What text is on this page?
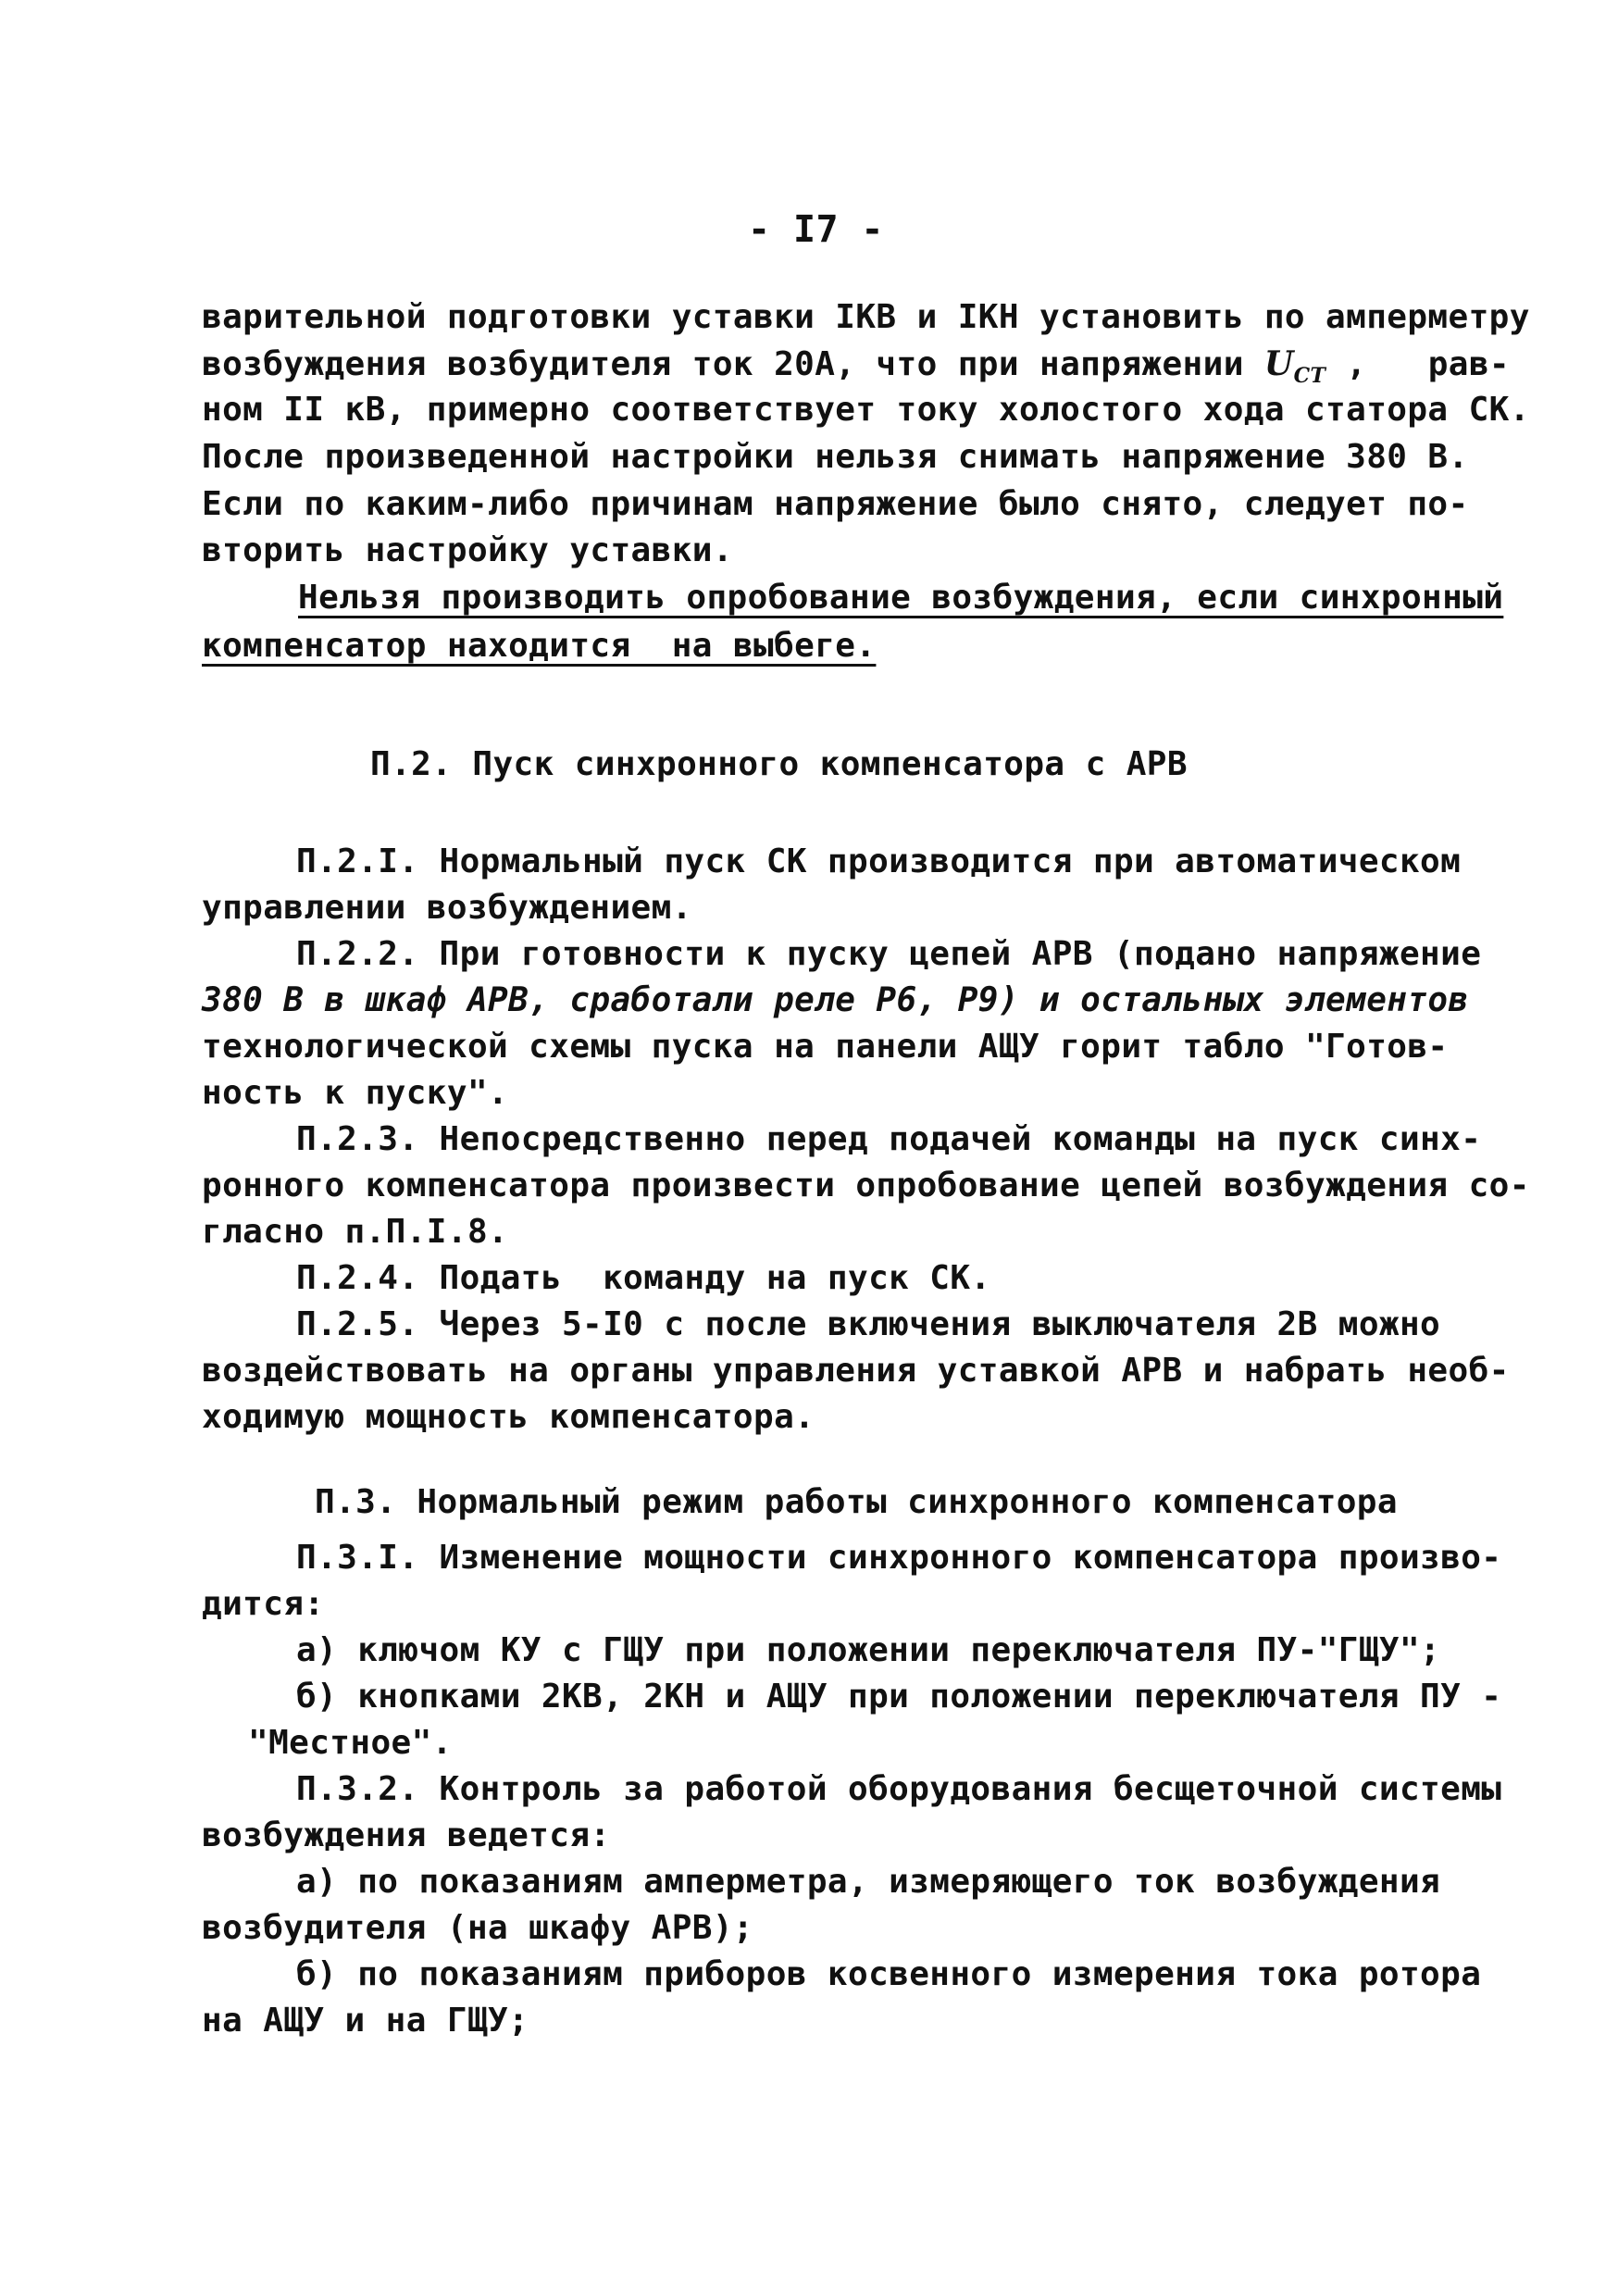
- I7 -
варительной подготовки уставки IКВ и IКН установить по амперметру
возбуждения возбудителя ток 20А, что при напряжении $U_{СТ}$ ,   рав-
ном II кВ, примерно соответствует току холостого хода статора СК.
После произведенной настройки нельзя снимать напряжение 380 В.
Если по каким-либо причинам напряжение было снято, следует по-
вторить настройку уставки.
Нельзя производить опробование возбуждения, если синхронный
компенсатор находится  на выбеге.
П.2. Пуск синхронного компенсатора с АРВ
П.2.I. Нормальный пуск СК производится при автоматическом
управлении возбуждением.
П.2.2. При готовности к пуску цепей АРВ (подано напряжение
380 В в шкаф АРВ, сработали реле Р6, Р9) и остальных элементов
технологической схемы пуска на панели АЩУ горит табло "Готов-
ность к пуску".
П.2.3. Непосредственно перед подачей команды на пуск синх-
ронного компенсатора произвести опробование цепей возбуждения со-
гласно п.П.I.8.
П.2.4. Подать  команду на пуск СК.
П.2.5. Через 5-I0 с после включения выключателя 2В можно
воздействовать на органы управления уставкой АРВ и набрать необ-
ходимую мощность компенсатора.
П.3. Нормальный режим работы синхронного компенсатора
П.3.I. Изменение мощности синхронного компенсатора произво-
дится:
а) ключом КУ с ГЩУ при положении переключателя ПУ-"ГЩУ";
б) кнопками 2КВ, 2КН и АЩУ при положении переключателя ПУ -
"Местное".
П.3.2. Контроль за работой оборудования бесщеточной системы
возбуждения ведется:
а) по показаниям амперметра, измеряющего ток возбуждения
возбудителя (на шкафу АРВ);
б) по показаниям приборов косвенного измерения тока ротора
на АЩУ и на ГЩУ;
